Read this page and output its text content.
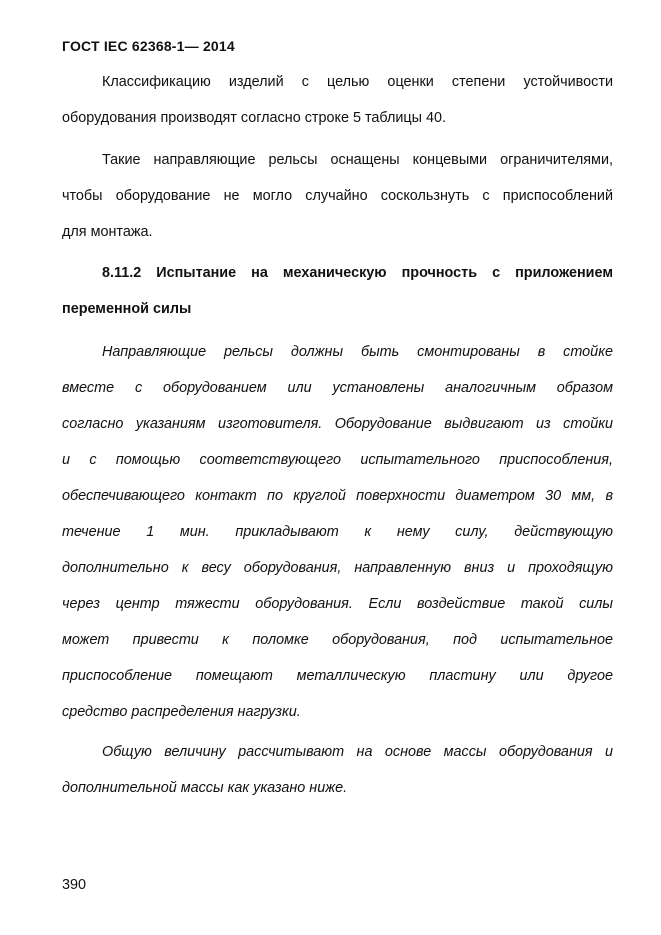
ГОСТ IEC 62368-1— 2014
Классификацию изделий с целью оценки степени устойчивости
оборудования производят согласно строке 5 таблицы 40.
Такие направляющие рельсы оснащены концевыми ограничителями,
чтобы оборудование не могло случайно соскользнуть с приспособлений
для монтажа.
8.11.2 Испытание на механическую прочность с приложением
переменной силы
Направляющие рельсы должны быть смонтированы в стойке
вместе с оборудованием или установлены аналогичным образом
согласно указаниям изготовителя. Оборудование выдвигают из стойки
и с помощью соответствующего испытательного приспособления,
обеспечивающего контакт по круглой поверхности диаметром 30 мм, в
течение 1 мин. прикладывают к нему силу, действующую
дополнительно к весу оборудования, направленную вниз и проходящую
через центр тяжести оборудования. Если воздействие такой силы
может привести к поломке оборудования, под испытательное
приспособление помещают металлическую пластину или другое
средство распределения нагрузки.
Общую величину рассчитывают на основе массы оборудования и
дополнительной массы как указано ниже.
390
